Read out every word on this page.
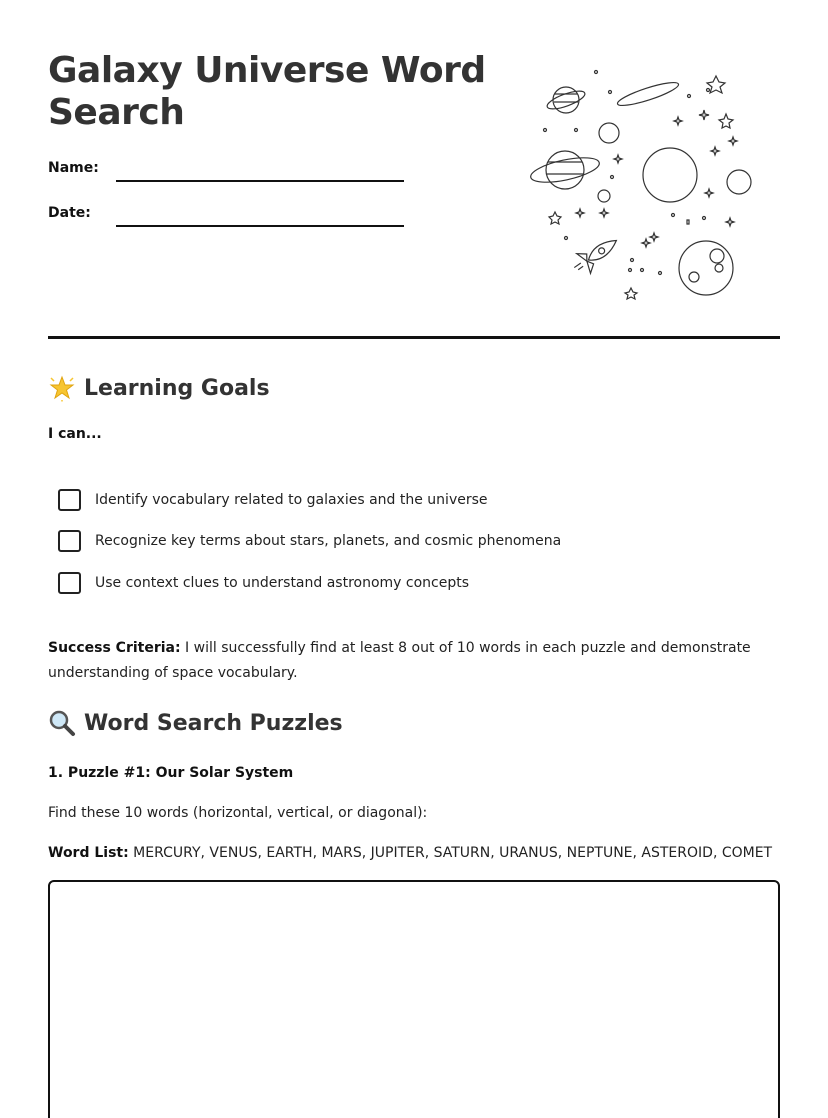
Galaxy Universe Word Search
Name:
Date:
Learning Goals
I can...
Identify vocabulary related to galaxies and the universe
Recognize key terms about stars, planets, and cosmic phenomena
Use context clues to understand astronomy concepts

Success Criteria: I will successfully find at least 8 out of 10 words in each puzzle and demonstrate understanding of space vocabulary.

Word Search Puzzles
1. Puzzle #1: Our Solar System

Find these 10 words (horizontal, vertical, or diagonal):

Word List: MERCURY, VENUS, EARTH, MARS, JUPITER, SATURN, URANUS, NEPTUNE, ASTEROID, COMET
